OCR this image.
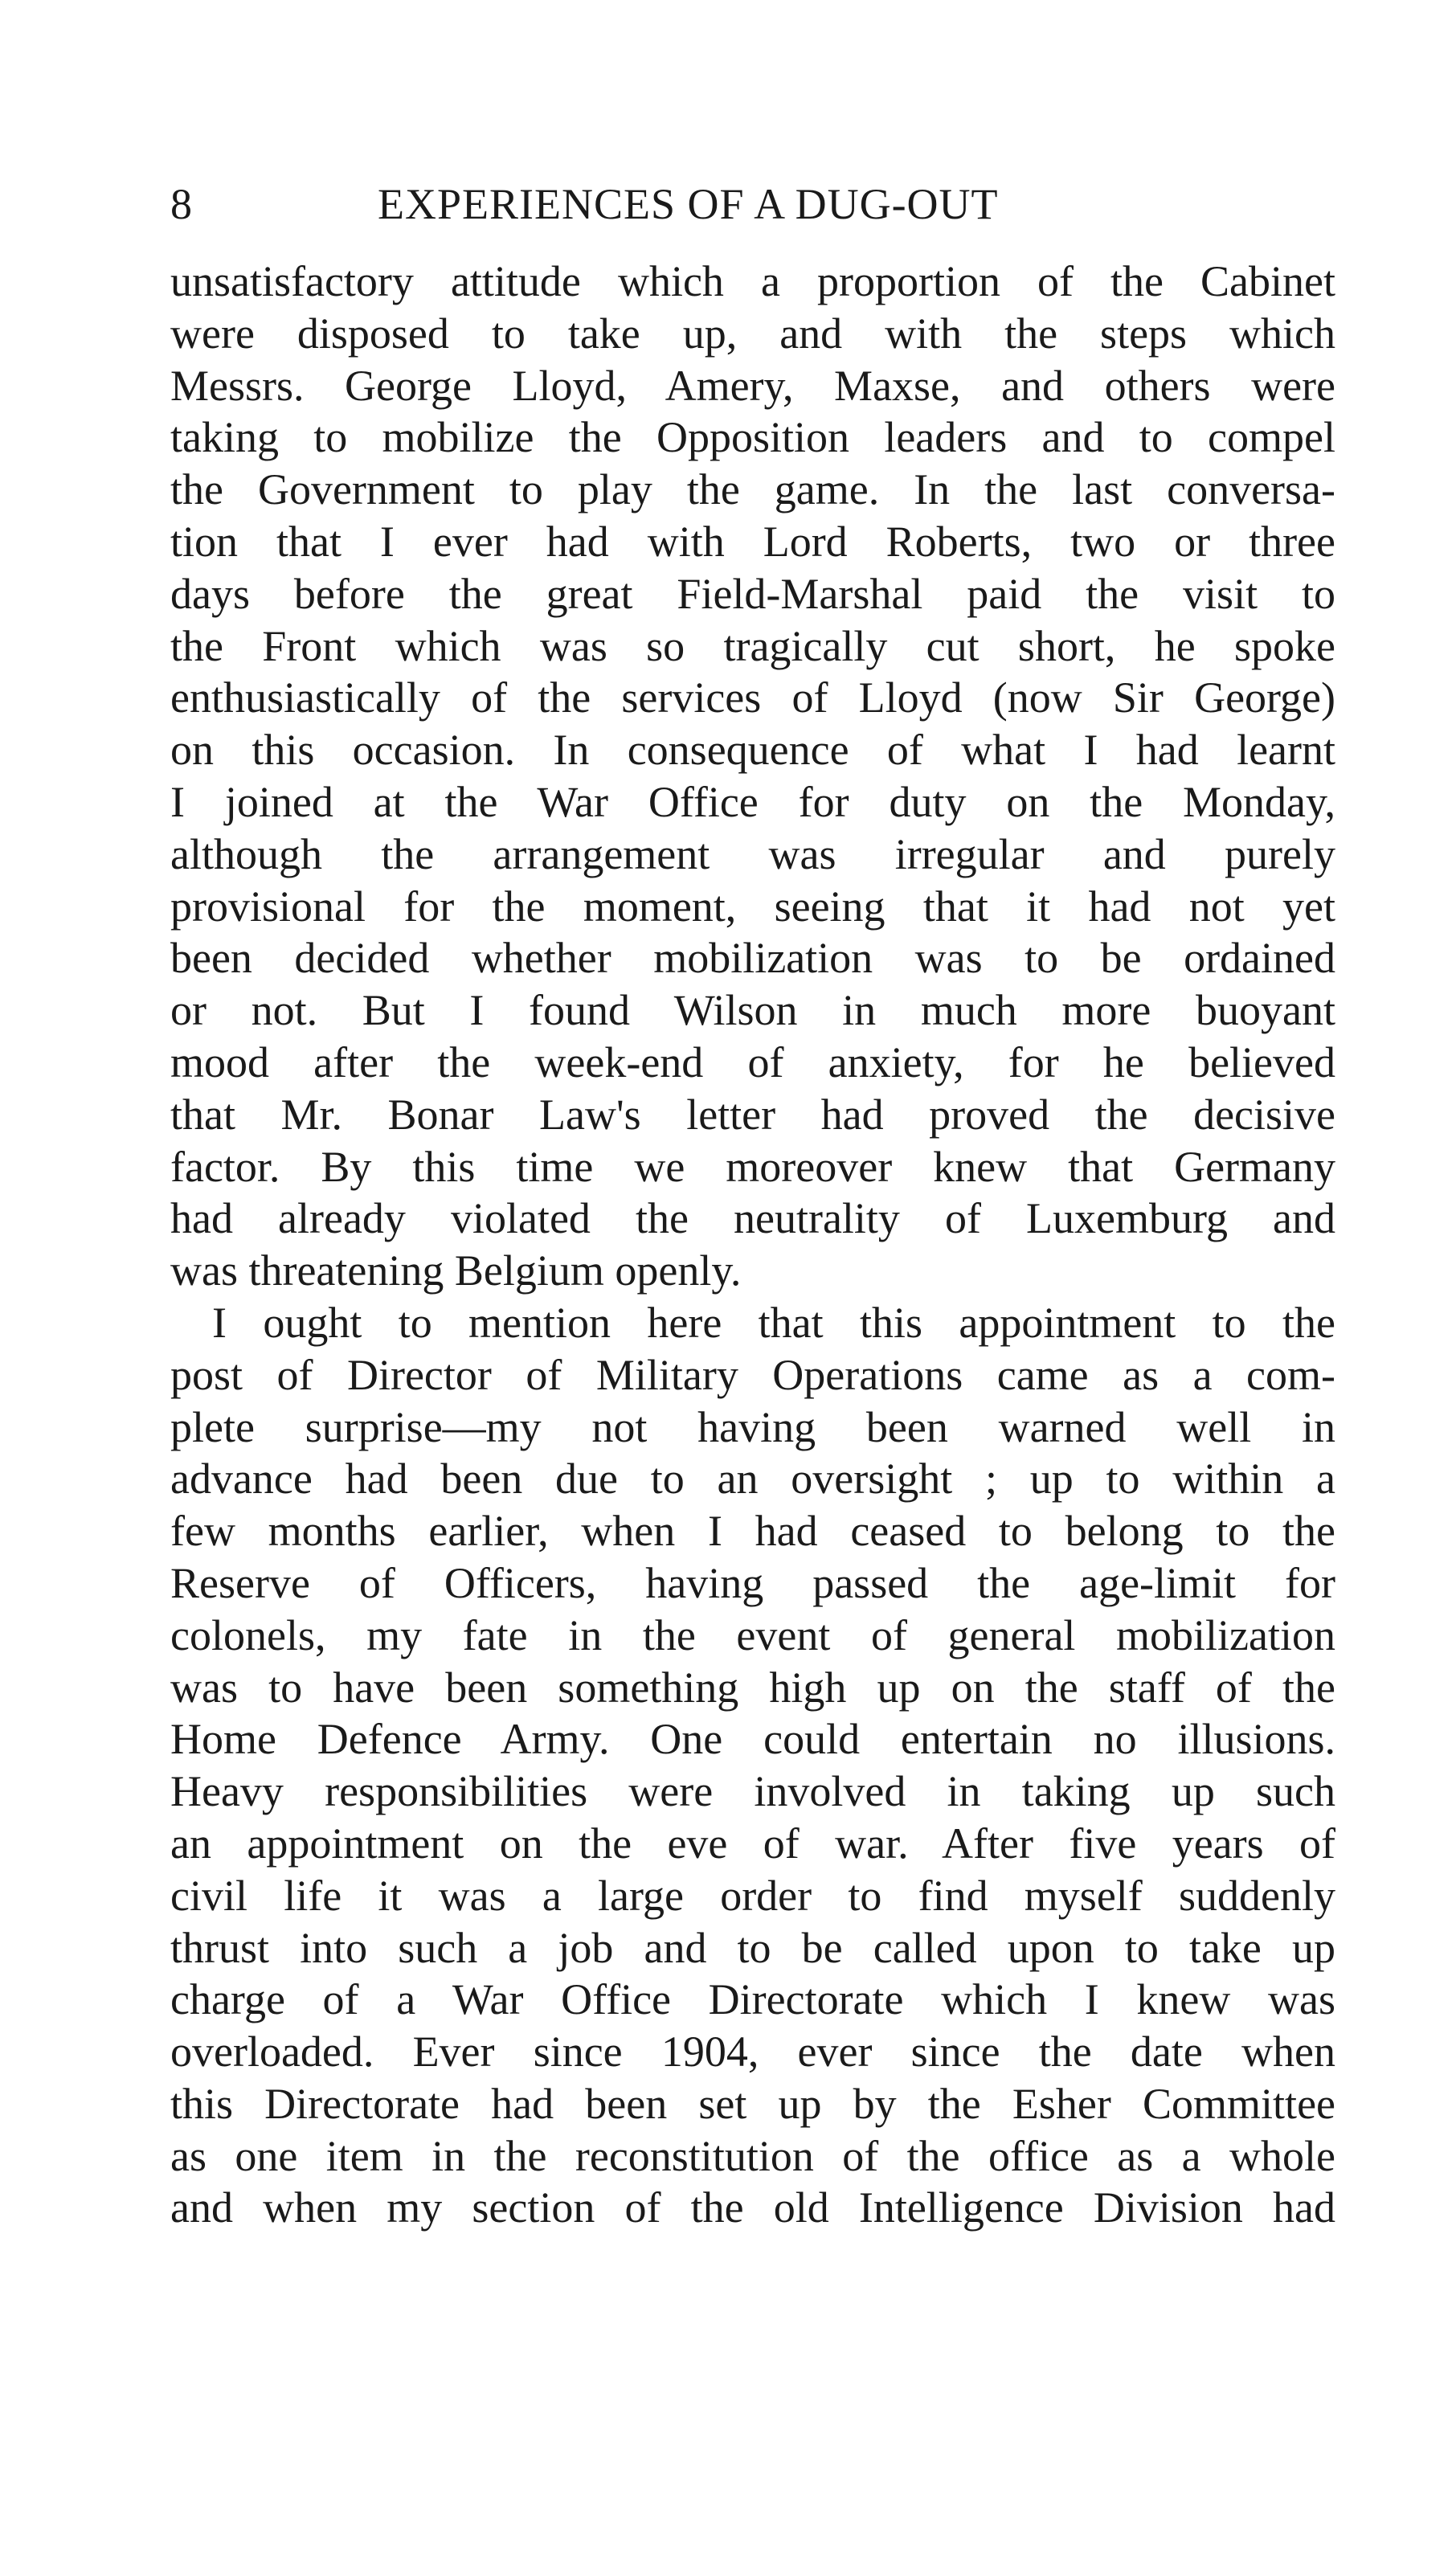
8	EXPERIENCES OF A DUG-OUT
unsatisfactory attitude which a proportion of the Cabinet
were disposed to take up, and with the steps which
Messrs. George Lloyd, Amery, Maxse, and others were
taking to mobilize the Opposition leaders and to compel
the Government to play the game. In the last conversa-
tion that I ever had with Lord Roberts, two or three
days before the great Field-Marshal paid the visit to
the Front which was so tragically cut short, he spoke
enthusiastically of the services of Lloyd (now Sir George)
on this occasion. In consequence of what I had learnt
I joined at the War Office for duty on the Monday,
although the arrangement was irregular and purely
provisional for the moment, seeing that it had not yet
been decided whether mobilization was to be ordained
or not. But I found Wilson in much more buoyant
mood after the week-end of anxiety, for he believed
that Mr. Bonar Law's letter had proved the decisive
factor. By this time we moreover knew that Germany
had already violated the neutrality of Luxemburg and
was threatening Belgium openly.
I ought to mention here that this appointment to the
post of Director of Military Operations came as a com-
plete surprise—my not having been warned well in
advance had been due to an oversight ; up to within a
few months earlier, when I had ceased to belong to the
Reserve of Officers, having passed the age-limit for
colonels, my fate in the event of general mobilization
was to have been something high up on the staff of the
Home Defence Army. One could entertain no illusions.
Heavy responsibilities were involved in taking up such
an appointment on the eve of war. After five years of
civil life it was a large order to find myself suddenly
thrust into such a job and to be called upon to take up
charge of a War Office Directorate which I knew was
overloaded. Ever since 1904, ever since the date when
this Directorate had been set up by the Esher Committee
as one item in the reconstitution of the office as a whole
and when my section of the old Intelligence Division had
